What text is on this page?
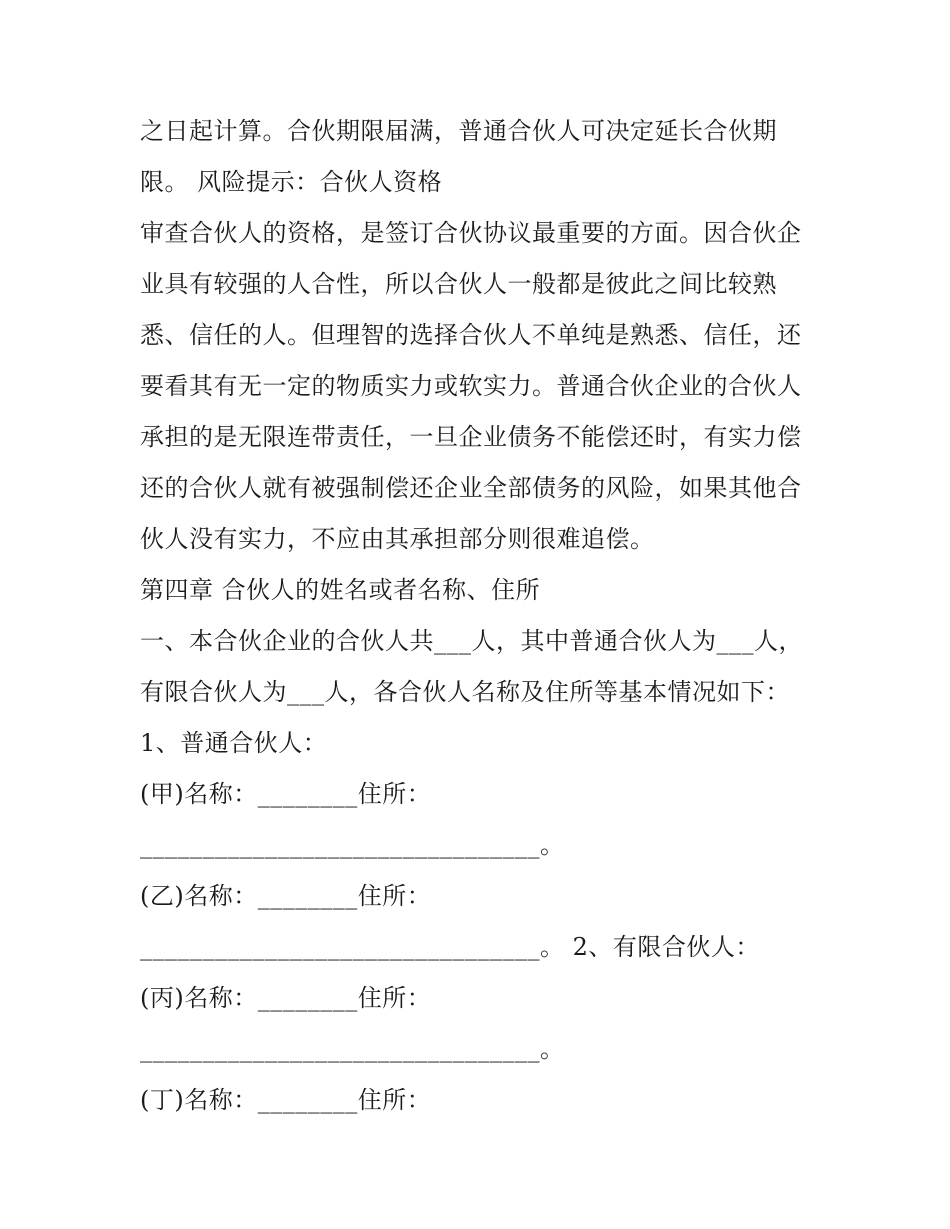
之日起计算。合伙期限届满，普通合伙人可决定延长合伙期
限。 风险提示：合伙人资格
审查合伙人的资格，是签订合伙协议最重要的方面。因合伙企
业具有较强的人合性，所以合伙人一般都是彼此之间比较熟
悉、信任的人。但理智的选择合伙人不单纯是熟悉、信任，还
要看其有无一定的物质实力或软实力。普通合伙企业的合伙人
承担的是无限连带责任，一旦企业债务不能偿还时，有实力偿
还的合伙人就有被强制偿还企业全部债务的风险，如果其他合
伙人没有实力，不应由其承担部分则很难追偿。
第四章 合伙人的姓名或者名称、住所
一、本合伙企业的合伙人共___人，其中普通合伙人为___人，
有限合伙人为___人，各合伙人名称及住所等基本情况如下：
1、普通合伙人：
(甲)名称：________住所：
________________________________。
(乙)名称：________住所：
________________________________。 2、有限合伙人：
(丙)名称：________住所：
________________________________。
(丁)名称：________住所：
